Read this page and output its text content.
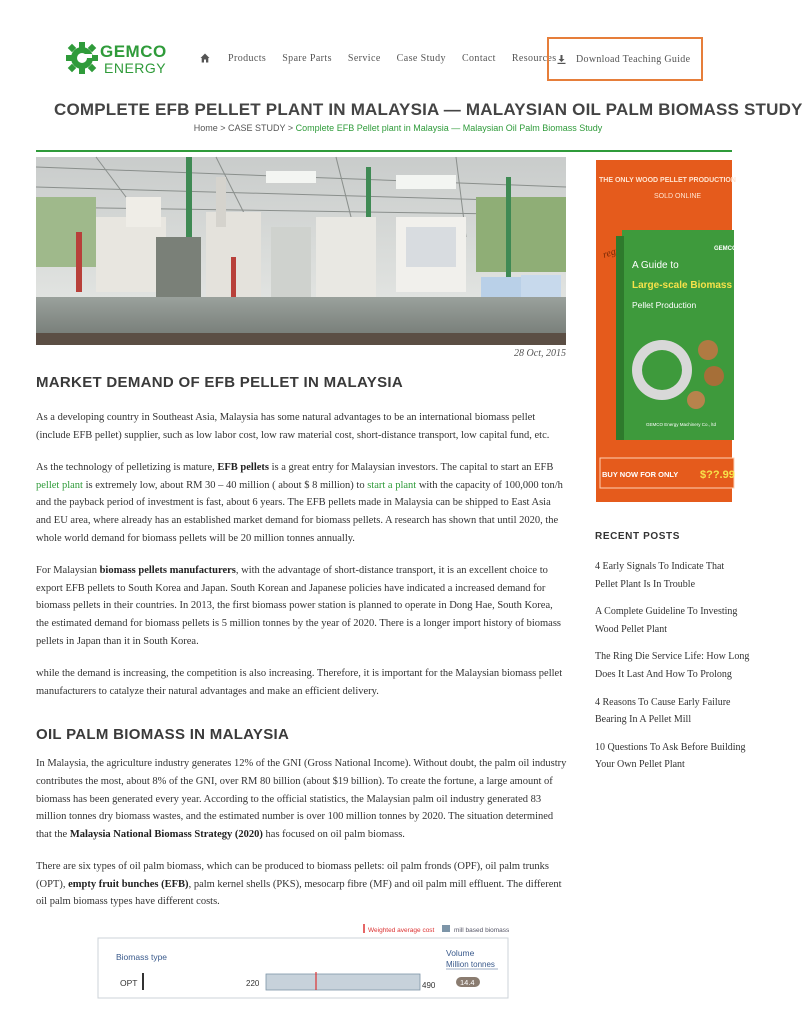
GEMCO
ENERGY
Products Spare Parts Service Case Study Contact Resources Download Teaching Guide
COMPLETE EFB PELLET PLANT IN MALAYSIA — MALAYSIAN OIL PALM BIOMASS STUDY
Home > CASE STUDY > Complete EFB Pellet plant in Malaysia — Malaysian Oil Palm Biomass Study
28 Oct, 2015
MARKET DEMAND OF EFB PELLET IN MALAYSIA

As a developing country in Southeast Asia, Malaysia has some natural advantages to be an international biomass pellet (include EFB pellet) supplier, such as low labor cost, low raw material cost, short-distance transport, low capital fund, etc.

As the technology of pelletizing is mature, EFB pellets is a great entry for Malaysian investors. The capital to start an EFB pellet plant is extremely low, about RM 30 – 40 million ( about $ 8 million) to start a plant with the capacity of 100,000 ton/h and the payback period of investment is fast, about 6 years. The EFB pellets made in Malaysia can be shipped to East Asia and EU area, where already has an established market demand for biomass pellets. A research has shown that until 2020, the whole world demand for biomass pellets will be 20 million tonnes annually.

For Malaysian biomass pellets manufacturers, with the advantage of short-distance transport, it is an excellent choice to export EFB pellets to South Korea and Japan. South Korean and Japanese policies have indicated a increased demand for biomass pellets in their countries. In 2013, the first biomass power station is planned to operate in Dong Hae, South Korea, the estimated demand for biomass pellets is 5 million tonnes by the year of 2020. There is a longer import history of biomass pellets in Japan than it in South Korea.

while the demand is increasing, the competition is also increasing. Therefore, it is important for the Malaysian biomass pellet manufacturers to catalyze their natural advantages and make an efficient delivery.

OIL PALM BIOMASS IN MALAYSIA

In Malaysia, the agriculture industry generates 12% of the GNI (Gross National Income). Without doubt, the palm oil industry contributes the most, about 8% of the GNI, over RM 80 billion (about $19 billion). To create the fortune, a large amount of biomass has been generated every year. According to the official statistics, the Malaysian palm oil industry generated 83 million tonnes dry biomass wastes, and the estimated number is over 100 million tonnes by 2020. The situation determined that the Malaysia National Biomass Strategy (2020) has focused on oil palm biomass.

There are six types of oil palm biomass, which can be produced to biomass pellets: oil palm fronds (OPF), oil palm trunks (OPT), empty fruit bunches (EFB), palm kernel shells (PKS), mesocarp fibre (MF) and oil palm mill effluent. The different oil palm biomass types have different costs.

Weighted average cost	mill based biomass
Biomass type	Volume
Million tonnes
OPT	220	490	14.4
THE ONLY WOOD PELLET PRODUCTION
SOLD ONLINE
GEMCO
A Guide to
Large-scale Biomass
Pellet Production
GEMCO Energy Machinery Co., ltd
BUY NOW FOR ONLY $??.99
RECENT POSTS
4 Early Signals To Indicate That
Pellet Plant Is In Trouble
A Complete Guideline To Investing
Wood Pellet Plant
The Ring Die Service Life: How Long
Does It Last And How To Prolong
4 Reasons To Cause Early Failure
Bearing In A Pellet Mill
10 Questions To Ask Before Building
Your Own Pellet Plant
